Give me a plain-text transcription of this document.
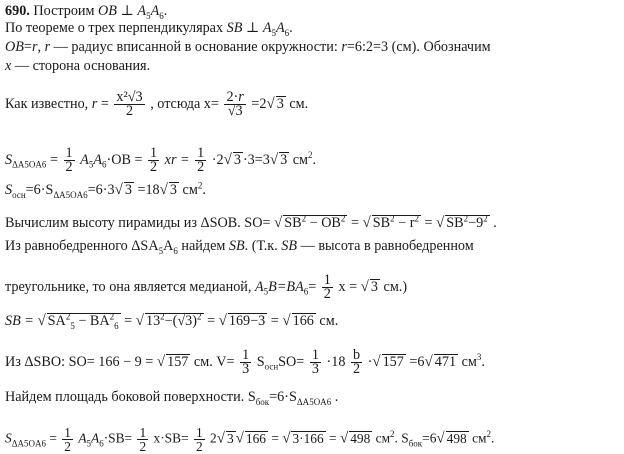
690. Построим OB ⊥ $A_5A_6$.
По теореме о трех перпендикулярах SB ⊥ $A_5A_6$.
OB=r, r — радиус вписанной в основание окружности: r=6:2=3 (см). Обозначим
x — сторона основания.
Как известно, $r = \frac{\text{x²√3}}{2}$ , отсюда $x= \frac{2\cdot r}{√3} =2√$ 3 см.
$S_{\Delta A5OA6} = \frac{1}{2} A_5A_6\cdot OB = \frac{1}{2}$ xr = $\frac{1}{2} \cdot 2√$ 3 ·3=3√ 3 $см^2$.
$S_{осн}=6\cdot S_{\Delta A5OA6}=6\cdot 3√$ 3 =18√ 3 $см^2$.
Вычислим высоту пирамиды из ΔSOB. SO= √ $SB^2 - OB^2$ = √ $SB^2 - r^2$ = √ $SB^2-9^2$ .
Из равнобедренного $\Delta SA_5A_6$ найдем SB. (Т.к. SB — высота в равнобедренном
треугольнике, то она является медианой, $A_5B=BA_6= \frac{1}{2}$ x = √ 3 см.)
SB = √ $SA^2_5 - BA^2_6$ = √ $13^2-(√3)^2$ = √ 169−3 = √ 166 см.
Из ΔSBO: SO= 166 − 9 = √ 157 см. $V= \frac{1}{3} S_{осн}SO= \frac{1}{3} \cdot 18 \frac{b}{2}$ ·√ 157 =6√ 471 $см^3$.
Найдем площадь боковой поверхности. $S_{бок}=6\cdot S_{\Delta A5OA6}$ .
$S_{\Delta A5OA6} = \frac{1}{2} A_5A_6\cdot SB= \frac{1}{2} x\cdot SB= \frac{1}{2} 2√$ 3 √ 166 = √ 3·166 = √ 498 $см^2$. $S_{бок}=6√$ 498 $см^2$.
